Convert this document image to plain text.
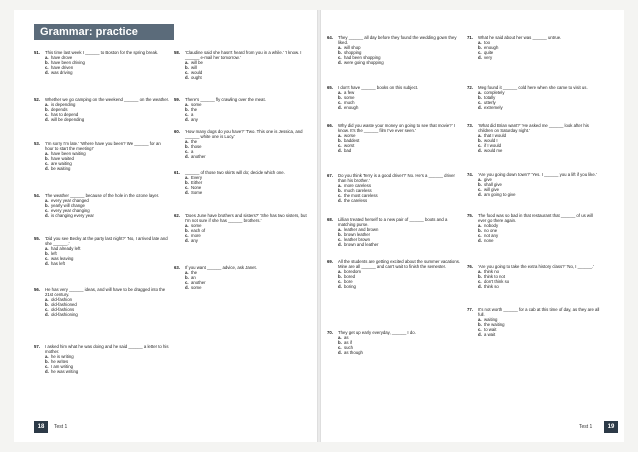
Grammar: practice
51. This time last week I ______ to Boston for the spring break.
a. have drove
b. have been driving
c. have driven
d. was driving
52. Whether we go camping on the weekend ______ on the weather.
a. is depending
b. depends
c. has to depend
d. will be depending
53. 'I'm sorry I'm late.' 'Where have you been? We ______ for an hour to start the meeting!'
a. have been waiting
b. have waited
c. are waiting
d. be waiting
54. The weather ______ because of the hole in the ozone layer.
a. every year changed
b. yearly will change
c. every year changing
d. is changing every year
55. 'Did you see Becky at the party last night?' 'No, I arrived late and she ______.'
a. had already left
b. left
c. was leaving
d. has left
56. He has very ______ ideas, and will have to be dragged into the 21st century.
a. old-fashion
b. old-fashioned
c. old-fashions
d. old-fashioning
57. I asked him what he was doing and he said ______ a letter to his mother.
a. he is writing
b. he writes
c. I am writing
d. he was writing
58. 'Claudine said she hasn't heard from you in a while.' 'I know. I ______ e-mail her tomorrow.'
a. will be
b. will
c. would
d. ought
59. There's ______ fly crawling over the meat.
a. some
b. the
c. a
d. any
60. 'How many dogs do you have?' 'Two. This one is Jessica, and ______ white one is Lucy.'
a. the
b. those
c. a
d. another
61. ______ of those two skirts will do; decide which one.
a. Every
b. Either
c. None
d. Some
62. 'Does June have brothers and sisters?' 'She has two sisters, but I'm not sure if she has ______ brothers.'
a. some
b. each of
c. more
d. any
63. If you want ______ advice, ask Janet.
a. the
b. an
c. another
d. some
18	Test 1
64. They ______ all day before they found the wedding gown they liked.
a. will shop
b. shopping
c. had been shopping
d. were going shopping
65. I don't have ______ books on this subject.
a. a few
b. some
c. much
d. enough
66. Why did you waste your money on going to see that movie?' I know. It's the ______ film I've ever seen.'
a. worse
b. baddest
c. worst
d. bad
67. Do you think Terry is a good driver?' No. He's a ______ driver than his brother.'
a. more careless
b. much careless
c. the most careless
d. the careless
68. Lillian treated herself to a new pair of ______ boots and a matching purse.
a. leather and brown
b. brown leather
c. leather brown
d. brown and leather
69. All the students are getting excited about the summer vacations. Mine are all ______ and can't wait to finish the semester.
a. boredom
b. bored
c. bore
d. boring
70. They get up early everyday, ______ I do.
a. as
b. as if
c. such
d. as though
71. What he said about her was ______ untrue.
a. too
b. enough
c. quite
d. very
72. Meg found it ______ cold here when she came to visit us.
a. completely
b. totally
c. utterly
d. extremely
73. 'What did Brian want?' 'He asked me ______ look after his children on Saturday night.'
a. that I would
b. would I
c. if I would
d. would me
74. 'Are you going down town?' 'Yes. I ______ you a lift if you like.'
a. give
b. shall give
c. will give
d. am going to give
75. The food was so bad in that restaurant that ______ of us will ever go there again.
a. nobody
b. no one
c. not any
d. none
76. 'Are you going to take the extra history class?' 'No, I ______.'
a. think no
b. think to not
c. don't think so
d. think so
77. It's not worth ______ for a cab at this time of day, as they are all full.
a. waiting
b. the waiting
c. to wait
d. a wait
Test 1	19
